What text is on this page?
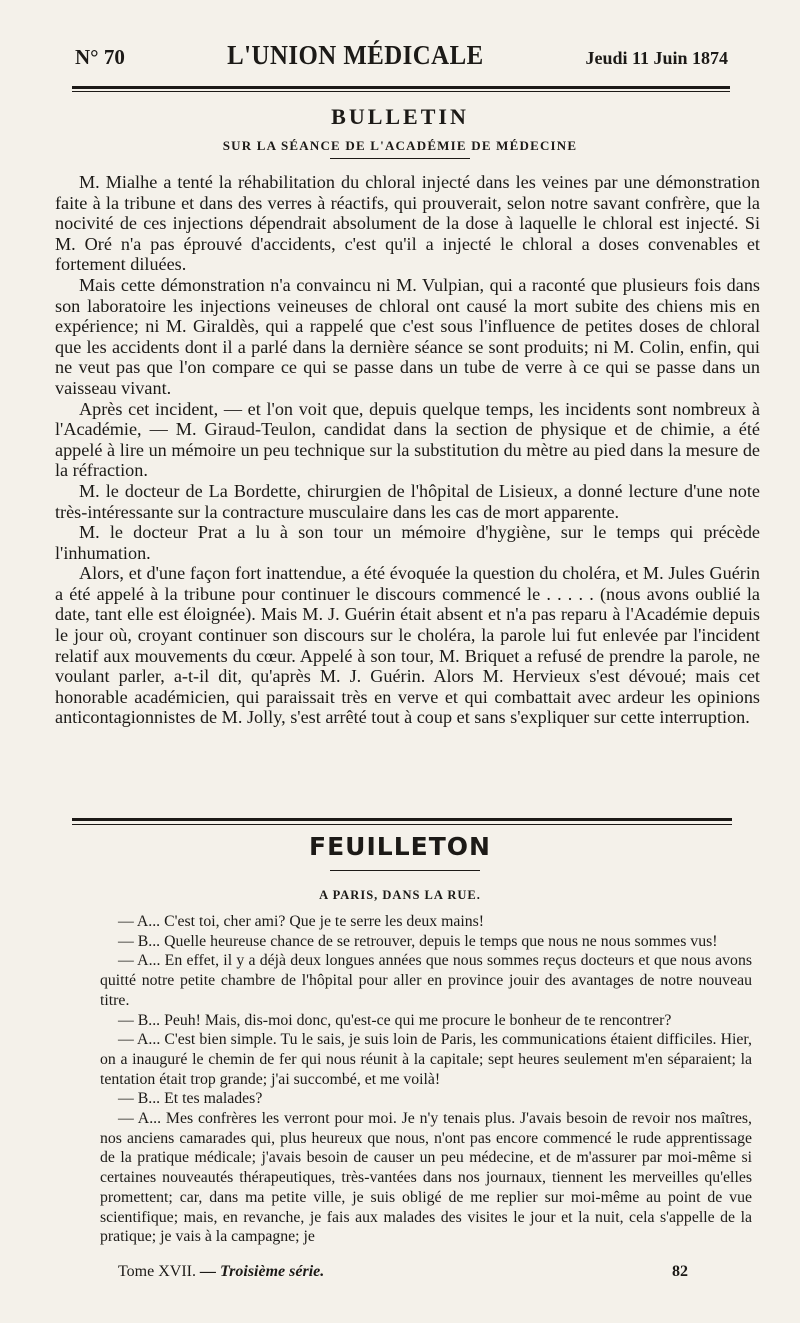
N° 70	L'UNION MÉDICALE	Jeudi 11 Juin 1874
BULLETIN
SUR LA SÉANCE DE L'ACADÉMIE DE MÉDECINE

M. Mialhe a tenté la réhabilitation du chloral injecté dans les veines par une démonstration faite à la tribune et dans des verres à réactifs, qui prouverait, selon notre savant confrère, que la nocivité de ces injections dépendrait absolument de la dose à laquelle le chloral est injecté. Si M. Oré n'a pas éprouvé d'accidents, c'est qu'il a injecté le chloral a doses convenables et fortement diluées.

Mais cette démonstration n'a convaincu ni M. Vulpian, qui a raconté que plusieurs fois dans son laboratoire les injections veineuses de chloral ont causé la mort subite des chiens mis en expérience; ni M. Giraldès, qui a rappelé que c'est sous l'influence de petites doses de chloral que les accidents dont il a parlé dans la dernière séance se sont produits; ni M. Colin, enfin, qui ne veut pas que l'on compare ce qui se passe dans un tube de verre à ce qui se passe dans un vaisseau vivant.

Après cet incident, — et l'on voit que, depuis quelque temps, les incidents sont nombreux à l'Académie, — M. Giraud-Teulon, candidat dans la section de physique et de chimie, a été appelé à lire un mémoire un peu technique sur la substitution du mètre au pied dans la mesure de la réfraction.

M. le docteur de La Bordette, chirurgien de l'hôpital de Lisieux, a donné lecture d'une note très-intéressante sur la contracture musculaire dans les cas de mort apparente.

M. le docteur Prat a lu à son tour un mémoire d'hygiène, sur le temps qui précède l'inhumation.

Alors, et d'une façon fort inattendue, a été évoquée la question du choléra, et M. Jules Guérin a été appelé à la tribune pour continuer le discours commencé le . . . . . (nous avons oublié la date, tant elle est éloignée). Mais M. J. Guérin était absent et n'a pas reparu à l'Académie depuis le jour où, croyant continuer son discours sur le choléra, la parole lui fut enlevée par l'incident relatif aux mouvements du cœur. Appelé à son tour, M. Briquet a refusé de prendre la parole, ne voulant parler, a-t-il dit, qu'après M. J. Guérin. Alors M. Hervieux s'est dévoué; mais cet honorable académicien, qui paraissait très en verve et qui combattait avec ardeur les opinions anticontagionnistes de M. Jolly, s'est arrêté tout à coup et sans s'expliquer sur cette interruption.

FEUILLETON
A PARIS, DANS LA RUE.

— A... C'est toi, cher ami? Que je te serre les deux mains!

— B... Quelle heureuse chance de se retrouver, depuis le temps que nous ne nous sommes vus!

— A... En effet, il y a déjà deux longues années que nous sommes reçus docteurs et que nous avons quitté notre petite chambre de l'hôpital pour aller en province jouir des avantages de notre nouveau titre.

— B... Peuh! Mais, dis-moi donc, qu'est-ce qui me procure le bonheur de te rencontrer?

— A... C'est bien simple. Tu le sais, je suis loin de Paris, les communications étaient difficiles. Hier, on a inauguré le chemin de fer qui nous réunit à la capitale; sept heures seulement m'en séparaient; la tentation était trop grande; j'ai succombé, et me voilà!

— B... Et tes malades?

— A... Mes confrères les verront pour moi. Je n'y tenais plus. J'avais besoin de revoir nos maîtres, nos anciens camarades qui, plus heureux que nous, n'ont pas encore commencé le rude apprentissage de la pratique médicale; j'avais besoin de causer un peu médecine, et de m'assurer par moi-même si certaines nouveautés thérapeutiques, très-vantées dans nos journaux, tiennent les merveilles qu'elles promettent; car, dans ma petite ville, je suis obligé de me replier sur moi-même au point de vue scientifique; mais, en revanche, je fais aux malades des visites le jour et la nuit, cela s'appelle de la pratique; je vais à la campagne; je

Tome XVII. — Troisième série.	82
